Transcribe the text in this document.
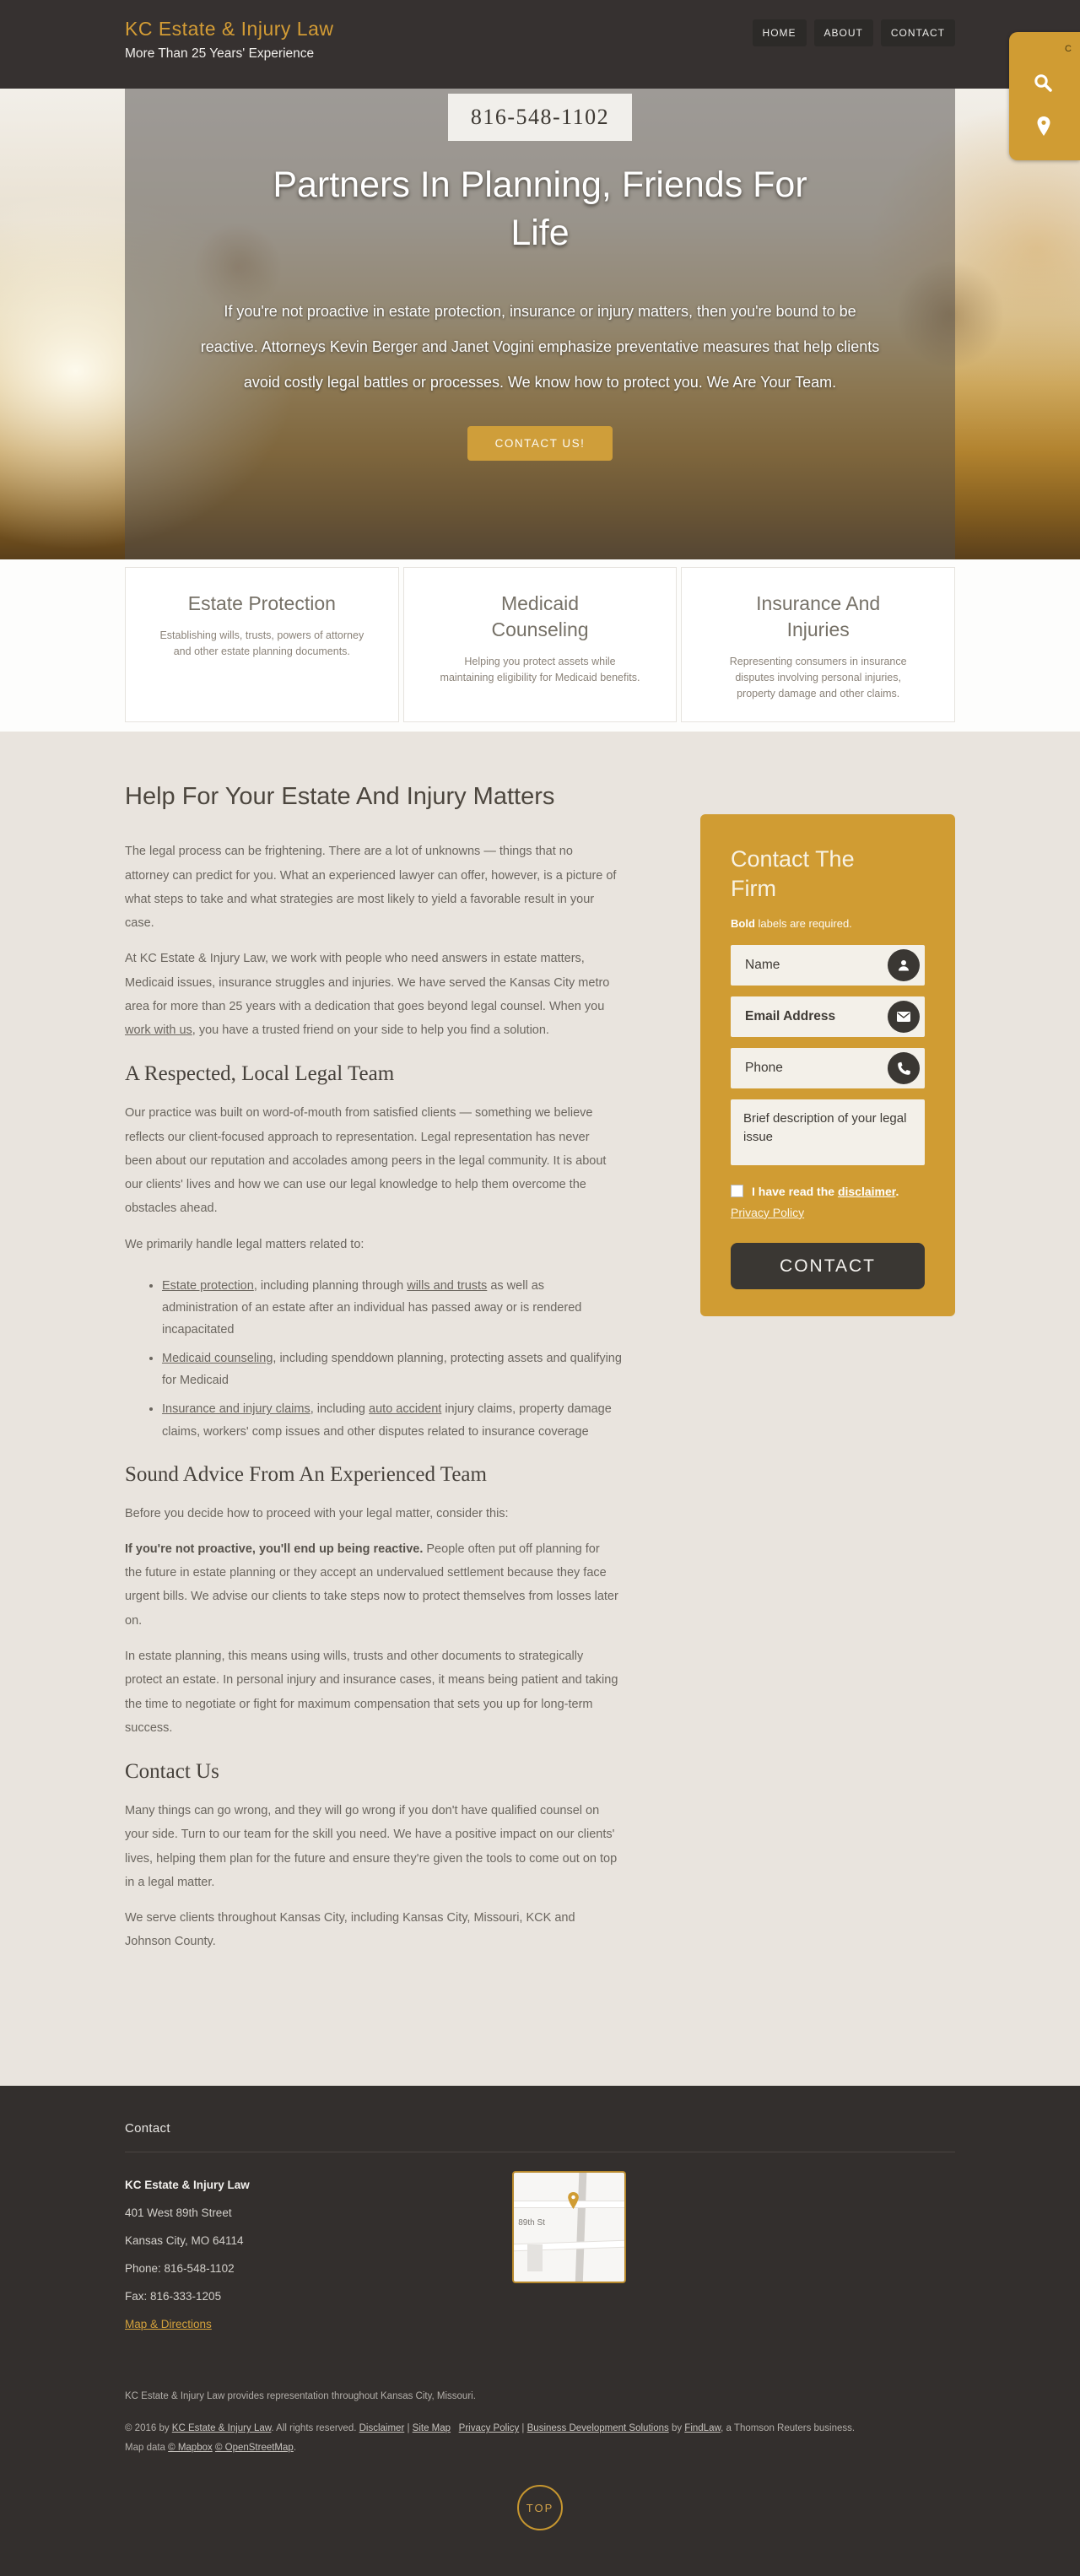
KC Estate & Injury Law
More Than 25 Years' Experience
HOME	ABOUT	CONTACT
C
816-548-1102
Partners In Planning, Friends For Life

If you're not proactive in estate protection, insurance or injury matters, then you're bound to be reactive. Attorneys Kevin Berger and Janet Vogini emphasize preventative measures that help clients avoid costly legal battles or processes. We know how to protect you. We Are Your Team.

CONTACT US!
Estate Protection

Establishing wills, trusts, powers of attorney and other estate planning documents.

Medicaid Counseling

Helping you protect assets while maintaining eligibility for Medicaid benefits.

Insurance And Injuries

Representing consumers in insurance disputes involving personal injuries, property damage and other claims.

Help For Your Estate And Injury Matters

The legal process can be frightening. There are a lot of unknowns — things that no attorney can predict for you. What an experienced lawyer can offer, however, is a picture of what steps to take and what strategies are most likely to yield a favorable result in your case.

At KC Estate & Injury Law, we work with people who need answers in estate matters, Medicaid issues, insurance struggles and injuries. We have served the Kansas City metro area for more than 25 years with a dedication that goes beyond legal counsel. When you work with us, you have a trusted friend on your side to help you find a solution.

A Respected, Local Legal Team

Our practice was built on word-of-mouth from satisfied clients — something we believe reflects our client-focused approach to representation. Legal representation has never been about our reputation and accolades among peers in the legal community. It is about our clients' lives and how we can use our legal knowledge to help them overcome the obstacles ahead.

We primarily handle legal matters related to:

• Estate protection, including planning through wills and trusts as well as administration of an estate after an individual has passed away or is rendered incapacitated
• Medicaid counseling, including spenddown planning, protecting assets and qualifying for Medicaid
• Insurance and injury claims, including auto accident injury claims, property damage claims, workers' comp issues and other disputes related to insurance coverage
Sound Advice From An Experienced Team

Before you decide how to proceed with your legal matter, consider this:

If you're not proactive, you'll end up being reactive. People often put off planning for the future in estate planning or they accept an undervalued settlement because they face urgent bills. We advise our clients to take steps now to protect themselves from losses later on.

In estate planning, this means using wills, trusts and other documents to strategically protect an estate. In personal injury and insurance cases, it means being patient and taking the time to negotiate or fight for maximum compensation that sets you up for long-term success.

Contact Us

Many things can go wrong, and they will go wrong if you don't have qualified counsel on your side. Turn to our team for the skill you need. We have a positive impact on our clients' lives, helping them plan for the future and ensure they're given the tools to come out on top in a legal matter.

We serve clients throughout Kansas City, including Kansas City, Missouri, KCK and Johnson County.

Contact The Firm
Bold labels are required.
Name
Email Address
Phone
Brief description of your legal issue
I have read the disclaimer.
Privacy Policy
CONTACT
Contact
KC Estate & Injury Law
401 West 89th Street
Kansas City, MO 64114
Phone: 816-548-1102
Fax: 816-333-1205
Map & Directions
89th St
KC Estate & Injury Law provides representation throughout Kansas City, Missouri.
© 2016 by KC Estate & Injury Law. All rights reserved. Disclaimer | Site Map Privacy Policy | Business Development Solutions by FindLaw, a Thomson Reuters business. Map data © Mapbox © OpenStreetMap.
TOP
